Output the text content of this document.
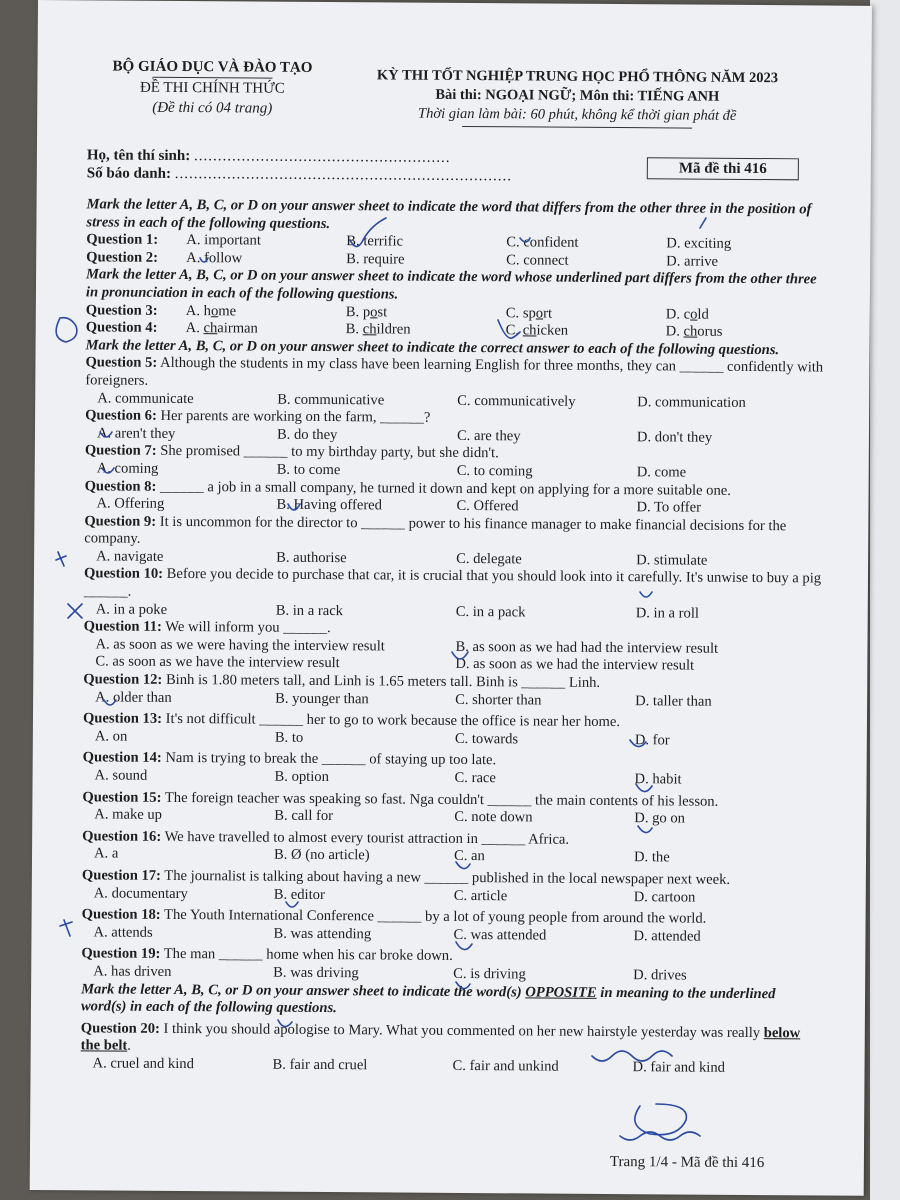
BỘ GIÁO DỤC VÀ ĐÀO TẠO
ĐỀ THI CHÍNH THỨC
(Đề thi có 04 trang)
KỲ THI TỐT NGHIỆP TRUNG HỌC PHỔ THÔNG NĂM 2023
Bài thi: NGOẠI NGỮ; Môn thi: TIẾNG ANH
Thời gian làm bài: 60 phút, không kể thời gian phát đề
Họ, tên thí sinh: ......................................................
Số báo danh: .......................................................................	Mã đề thi 416

Mark the letter A, B, C, or D on your answer sheet to indicate the word that differs from the other three in the position of stress in each of the following questions.

Question 1:	A. important	B. terrific	C. confident	D. exciting
Question 2:	A. follow	B. require	C. connect	D. arrive

Mark the letter A, B, C, or D on your answer sheet to indicate the word whose underlined part differs from the other three in pronunciation in each of the following questions.

Question 3:	A. home	B. post	C. sport	D. cold
Question 4:	A. chairman	B. children	C. chicken	D. chorus

Mark the letter A, B, C, or D on your answer sheet to indicate the correct answer to each of the following questions.

Question 5: Although the students in my class have been learning English for three months, they can ______ confidently with foreigners.

A. communicate	B. communicative	C. communicatively	D. communication

Question 6: Her parents are working on the farm, ______?

A. aren't they	B. do they	C. are they	D. don't they

Question 7: She promised ______ to my birthday party, but she didn't.

A. coming	B. to come	C. to coming	D. come

Question 8: ______ a job in a small company, he turned it down and kept on applying for a more suitable one.

A. Offering	B. Having offered	C. Offered	D. To offer

Question 9: It is uncommon for the director to ______ power to his finance manager to make financial decisions for the company.

A. navigate	B. authorise	C. delegate	D. stimulate

Question 10: Before you decide to purchase that car, it is crucial that you should look into it carefully. It's unwise to buy a pig ______.

A. in a poke	B. in a rack	C. in a pack	D. in a roll

Question 11: We will inform you ______.

A. as soon as we were having the interview result	B. as soon as we had had the interview result
C. as soon as we have the interview result	D. as soon as we had the interview result

Question 12: Binh is 1.80 meters tall, and Linh is 1.65 meters tall. Binh is ______ Linh.

A. older than	B. younger than	C. shorter than	D. taller than

Question 13: It's not difficult ______ her to go to work because the office is near her home.

A. on	B. to	C. towards	D. for

Question 14: Nam is trying to break the ______ of staying up too late.

A. sound	B. option	C. race	D. habit

Question 15: The foreign teacher was speaking so fast. Nga couldn't ______ the main contents of his lesson.

A. make up	B. call for	C. note down	D. go on

Question 16: We have travelled to almost every tourist attraction in ______ Africa.

A. a	B. Ø (no article)	C. an	D. the

Question 17: The journalist is talking about having a new ______ published in the local newspaper next week.

A. documentary	B. editor	C. article	D. cartoon

Question 18: The Youth International Conference ______ by a lot of young people from around the world.

A. attends	B. was attending	C. was attended	D. attended

Question 19: The man ______ home when his car broke down.

A. has driven	B. was driving	C. is driving	D. drives

Mark the letter A, B, C, or D on your answer sheet to indicate the word(s) OPPOSITE in meaning to the underlined word(s) in each of the following questions.

Question 20: I think you should apologise to Mary. What you commented on her new hairstyle yesterday was really below the belt.

A. cruel and kind	B. fair and cruel	C. fair and unkind	D. fair and kind
Trang 1/4 - Mã đề thi 416
